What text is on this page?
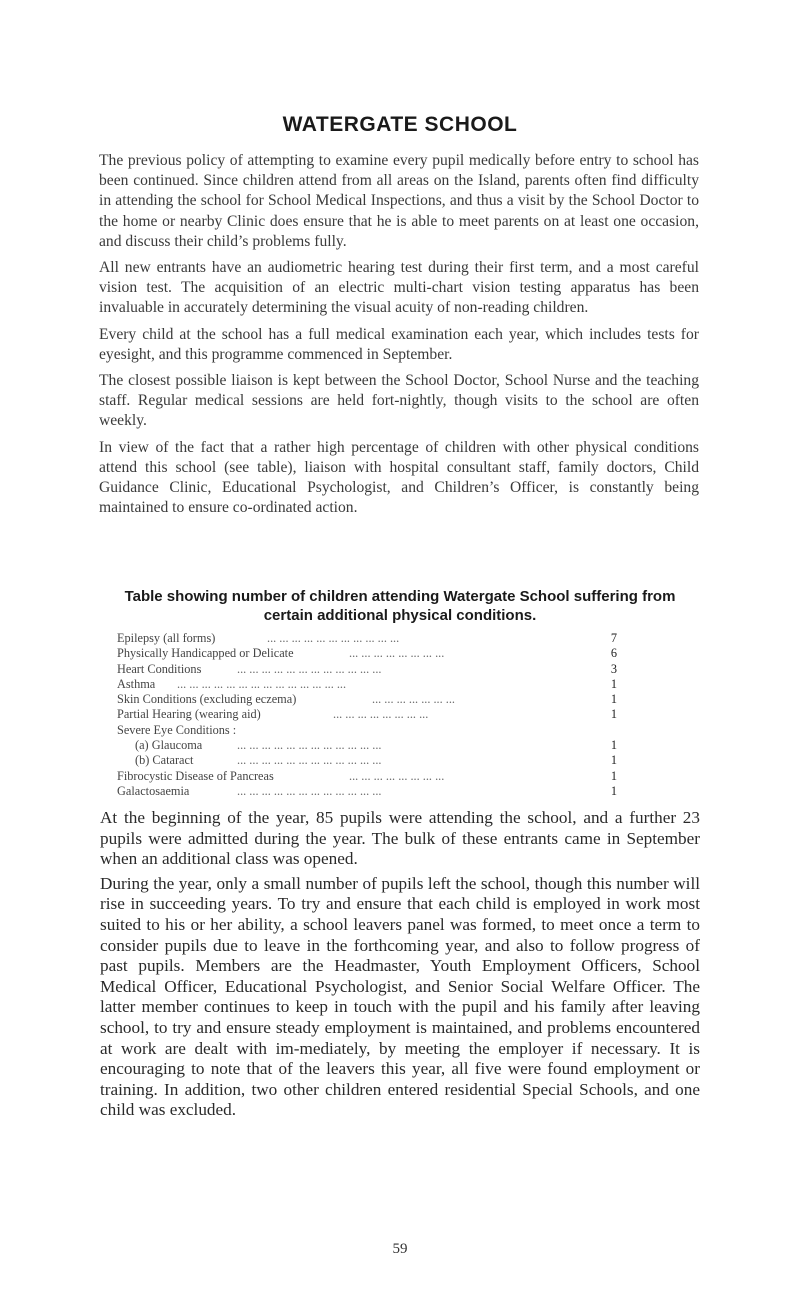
WATERGATE SCHOOL

The previous policy of attempting to examine every pupil medically before entry to school has been continued. Since children attend from all areas on the Island, parents often find difficulty in attending the school for School Medical Inspections, and thus a visit by the School Doctor to the home or nearby Clinic does ensure that he is able to meet parents on at least one occasion, and discuss their child’s problems fully.

All new entrants have an audiometric hearing test during their first term, and a most careful vision test. The acquisition of an electric multi-chart vision testing apparatus has been invaluable in accurately determining the visual acuity of non-reading children.

Every child at the school has a full medical examination each year, which includes tests for eyesight, and this programme commenced in September.

The closest possible liaison is kept between the School Doctor, School Nurse and the teaching staff. Regular medical sessions are held fort-nightly, though visits to the school are often weekly.

In view of the fact that a rather high percentage of children with other physical conditions attend this school (see table), liaison with hospital consultant staff, family doctors, Child Guidance Clinic, Educational Psychologist, and Children’s Officer, is constantly being maintained to ensure co-ordinated action.

Table showing number of children attending Watergate School suffering from
certain additional physical conditions.
Epilepsy (all forms)	... ... ... ... ... ... ... ... ... ... ...	7
Physically Handicapped or Delicate	... ... ... ... ... ... ... ...	6
Heart Conditions	... ... ... ... ... ... ... ... ... ... ... ...	3
Asthma ... ... ... ... ... ... ... ... ... ... ... ... ... ...	1
Skin Conditions (excluding eczema)	... ... ... ... ... ... ...	1
Partial Hearing (wearing aid)	... ... ... ... ... ... ... ...	1
Severe Eye Conditions :
(a) Glaucoma	... ... ... ... ... ... ... ... ... ... ... ...	1
(b) Cataract	... ... ... ... ... ... ... ... ... ... ... ...	1
Fibrocystic Disease of Pancreas	... ... ... ... ... ... ... ...	1
Galactosaemia	... ... ... ... ... ... ... ... ... ... ... ...	1

At the beginning of the year, 85 pupils were attending the school, and a further 23 pupils were admitted during the year. The bulk of these entrants came in September when an additional class was opened.

During the year, only a small number of pupils left the school, though this number will rise in succeeding years. To try and ensure that each child is employed in work most suited to his or her ability, a school leavers panel was formed, to meet once a term to consider pupils due to leave in the forthcoming year, and also to follow progress of past pupils. Members are the Headmaster, Youth Employment Officers, School Medical Officer, Educational Psychologist, and Senior Social Welfare Officer. The latter member continues to keep in touch with the pupil and his family after leaving school, to try and ensure steady employment is maintained, and problems encountered at work are dealt with im-mediately, by meeting the employer if necessary. It is encouraging to note that of the leavers this year, all five were found employment or training. In addition, two other children entered residential Special Schools, and one child was excluded.

59
